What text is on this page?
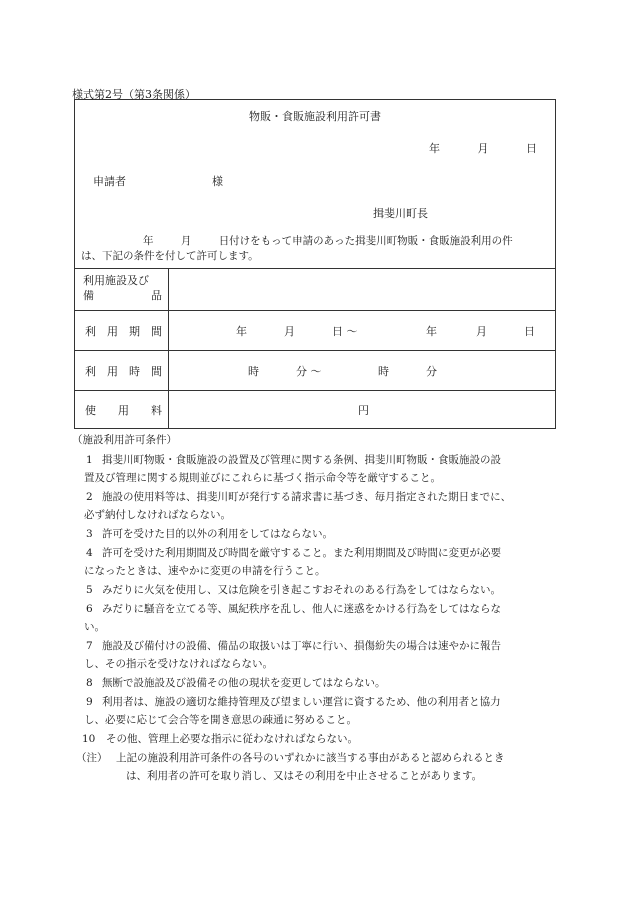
様式第2号（第3条関係）
物販・食販施設利用許可書
年	月	日
申請者	様
揖斐川町長
年	月	日付けをもって申請のあった揖斐川町物販・食販施設利用の件
は、下記の条件を付して許可します。
利用施設及び
備	品
利 用 期 間	年	月	日 ～	年	月	日
利 用 時 間	時	分 ～	時	分
使 用 料	円
（施設利用許可条件）
1 揖斐川町物販・食販施設の設置及び管理に関する条例、揖斐川町物販・食販施設の設
置及び管理に関する規則並びにこれらに基づく指示命令等を厳守すること。
2 施設の使用料等は、揖斐川町が発行する請求書に基づき、毎月指定された期日までに、
必ず納付しなければならない。
3 許可を受けた目的以外の利用をしてはならない。
4 許可を受けた利用期間及び時間を厳守すること。また利用期間及び時間に変更が必要
になったときは、速やかに変更の申請を行うこと。
5 みだりに火気を使用し、又は危険を引き起こすおそれのある行為をしてはならない。
6 みだりに騒音を立てる等、風紀秩序を乱し、他人に迷惑をかける行為をしてはならな
い。
7 施設及び備付けの設備、備品の取扱いは丁寧に行い、損傷紛失の場合は速やかに報告
し、その指示を受けなければならない。
8 無断で設施設及び設備その他の現状を変更してはならない。
9 利用者は、施設の適切な維持管理及び望ましい運営に資するため、他の利用者と協力
し、必要に応じて会合等を開き意思の疎通に努めること。
10	その他、管理上必要な指示に従わなければならない。
（注） 上記の施設利用許可条件の各号のいずれかに該当する事由があると認められるとき
は、利用者の許可を取り消し、又はその利用を中止させることがあります。
